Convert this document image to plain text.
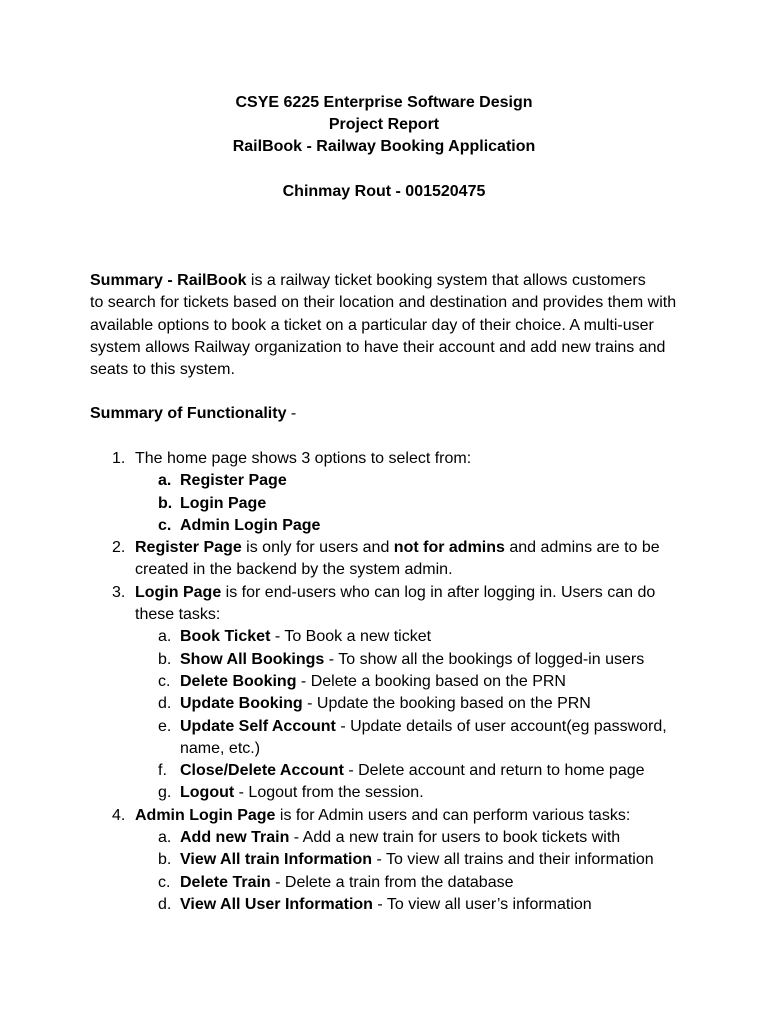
CSYE 6225 Enterprise Software Design
Project Report
RailBook - Railway Booking Application
Chinmay Rout - 001520475
Summary - RailBook is a railway ticket booking system that allows customers
to search for tickets based on their location and destination and provides them with
available options to book a ticket on a particular day of their choice. A multi-user
system allows Railway organization to have their account and add new trains and
seats to this system.
Summary of Functionality -
1. The home page shows 3 options to select from:
a. Register Page
b. Login Page
c. Admin Login Page
2. Register Page is only for users and not for admins and admins are to be
created in the backend by the system admin.
3. Login Page is for end-users who can log in after logging in. Users can do
these tasks:
a. Book Ticket - To Book a new ticket
b. Show All Bookings - To show all the bookings of logged-in users
c. Delete Booking - Delete a booking based on the PRN
d. Update Booking - Update the booking based on the PRN
e. Update Self Account - Update details of user account(eg password,
name, etc.)
f. Close/Delete Account - Delete account and return to home page
g. Logout - Logout from the session.
4. Admin Login Page is for Admin users and can perform various tasks:
a. Add new Train - Add a new train for users to book tickets with
b. View All train Information - To view all trains and their information
c. Delete Train - Delete a train from the database
d. View All User Information - To view all user’s information
